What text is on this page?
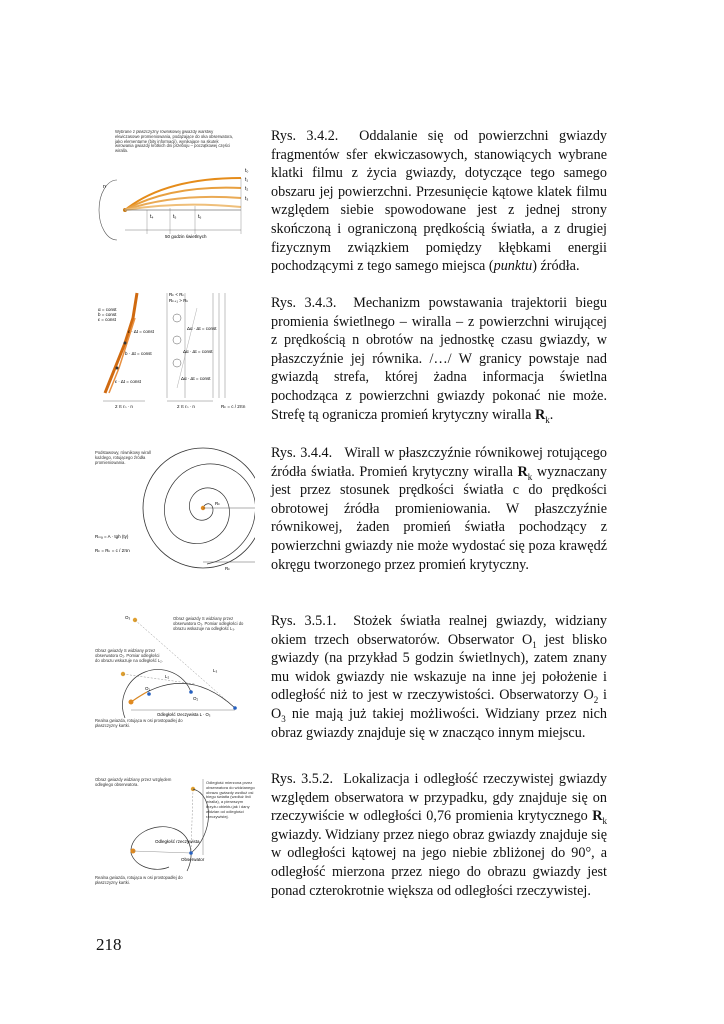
Wybrane z płaszczyzny równikowej gwiazdy warstwy ekwiczasowe promieniowania, podążające do oka obserwatora, jako elementarne (bity informacji), wynikające na skutek wirowania gwiazdy krótkich dni przeboju – początkowej części wiralla.
n
t₀
t₁
t₂
t₃
t₄	t₅	t₆
50 godzin świetlnych

Rys. 3.4.2. Oddalanie się od powierzchni gwiazdy fragmentów sfer ekwiczasowych, stanowiących wybrane klatki filmu z życia gwiazdy, dotyczące tego samego obszaru jej powierzchni. Przesunięcie kątowe klatek filmu względem siebie spowodowane jest z jednej strony skończoną i ograniczoną prędkością światła, a z drugiej fizycznym związkiem pomiędzy kłębkami energii pochodzącymi z tego samego miejsca (punktu) źródła.

α = const
b = const
ε = const
ε · Δt = const
b · Δt = const
ε · Δt = const
Rₖ < Rₙ
Rₖ₊₁ > Rₖ
Δα · Δt = const
Δα · Δt = const
Δα · Δt = const
2 π rₙ · n	2 π rₙ · n	Rₖ = c / 2πn

Rys. 3.4.3. Mechanizm powstawania trajektorii biegu promienia świetlnego – wiralla – z powierzchni wirującej z prędkością n obrotów na jednostkę czasu gwiazdy, w płaszczyźnie jej równika. /…/ W granicy powstaje nad gwiazdą strefa, której żadna informacja świetlna pochodząca z powierzchni gwiazdy pokonać nie może. Strefę tą ogranicza promień krytyczny wiralla $R_k$.

Podstawowy, równikowy wirall każdego, rotującego źródła promieniowania.
Rₘₐ = A · tgh (ty)
Rₖ = Rₖ = c / 2πn
Rₖ
Rₖ

Rys. 3.4.4. Wirall w płaszczyźnie równikowej rotującego źródła światła. Promień krytyczny wiralla $R_k$ wyznaczany jest przez stosunek prędkości światła c do prędkości obrotowej źródła promieniowania. W płaszczyźnie równikowej, żaden promień światła pochodzący z powierzchni gwiazdy nie może wydostać się poza krawędź okręgu tworzonego przez promień krytyczny.

Obraz gwiazdy S widziany przez obserwatora O₃. Pomiar odległości do obrazu wskazuje na odległość L₃.
Obraz gwiazdy S widziany przez obserwatora O₂. Pomiar odległości do obrazu wskazuje na odległość L₂.
Realna gwiazda, rotująca w osi prostopadłej do płaszczyzny kartki.
O₃
O₂
O₁
L₂
L₃
Odległość rzeczywista L · O₃

Rys. 3.5.1. Stożek światła realnej gwiazdy, widziany okiem trzech obserwatorów. Obserwator $O_1$ jest blisko gwiazdy (na przykład 5 godzin świetlnych), zatem znany mu widok gwiazdy nie wskazuje na inne jej położenie i odległość niż to jest w rzeczywistości. Obserwatorzy $O_2$ i $O_3$ nie mają już takiej możliwości. Widziany przez nich obraz gwiazdy znajduje się w znacząco innym miejscu.

Obraz gwiazdy widziany przez względem odległego obserwatora.	Odległość mierzona przez obserwatora do widzianego obrazu gwiazdy wzdłuż osi biegu światła (wzdłuż linii wiralla), a pierwszym krzyżu obiektu jak i dany widzian od odległości rzeczywistej.
Odległość rzeczywista
Obserwator
Realna gwiazda, rotująca w osi prostopadłej do płaszczyzny kartki.

Rys. 3.5.2. Lokalizacja i odległość rzeczywistej gwiazdy względem obserwatora w przypadku, gdy znajduje się on rzeczywiście w odległości 0,76 promienia krytycznego $R_k$ gwiazdy. Widziany przez niego obraz gwiazdy znajduje się w odległości kątowej na jego niebie zbliżonej do 90°, a odległość mierzona przez niego do obrazu gwiazdy jest ponad czterokrotnie większa od odległości rzeczywistej.

218
